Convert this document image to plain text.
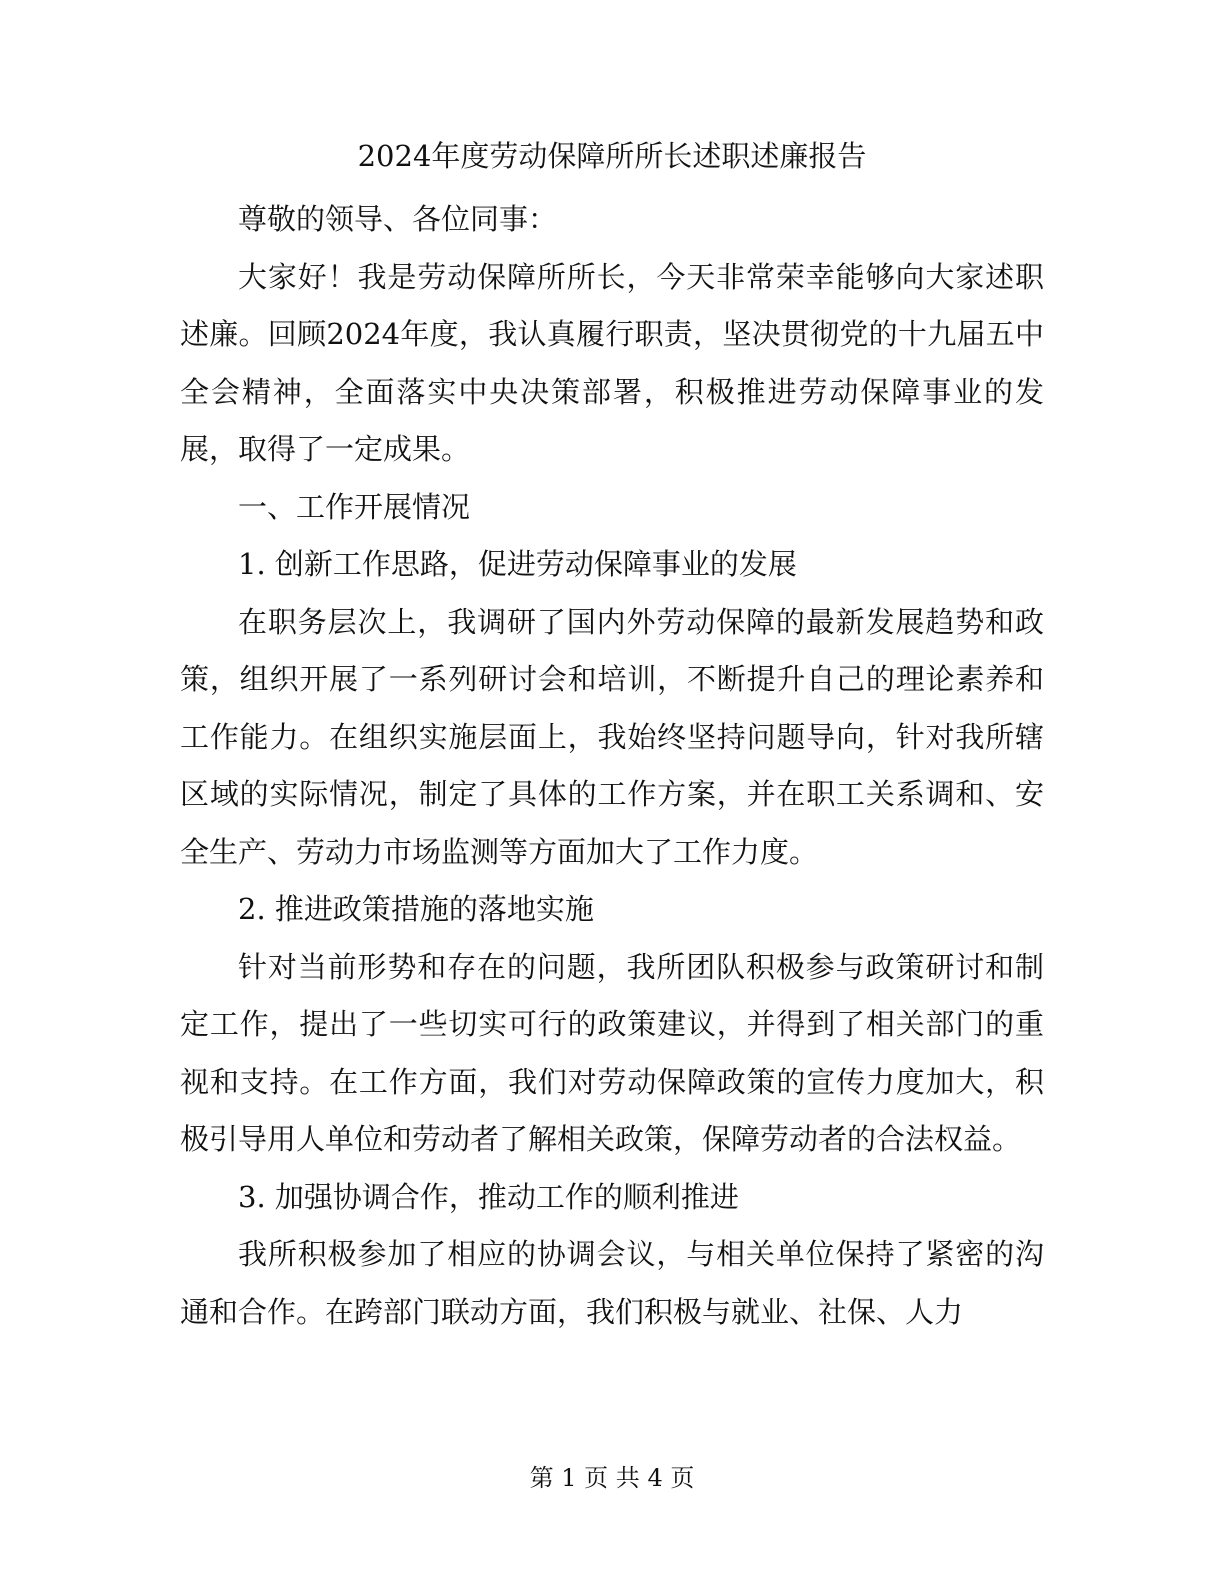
2024年度劳动保障所所长述职述廉报告

尊敬的领导、各位同事：

大家好！我是劳动保障所所长，今天非常荣幸能够向大家述职述廉。回顾2024年度，我认真履行职责，坚决贯彻党的十九届五中全会精神，全面落实中央决策部署，积极推进劳动保障事业的发展，取得了一定成果。

一、工作开展情况

1. 创新工作思路，促进劳动保障事业的发展

在职务层次上，我调研了国内外劳动保障的最新发展趋势和政策，组织开展了一系列研讨会和培训，不断提升自己的理论素养和工作能力。在组织实施层面上，我始终坚持问题导向，针对我所辖区域的实际情况，制定了具体的工作方案，并在职工关系调和、安全生产、劳动力市场监测等方面加大了工作力度。

2. 推进政策措施的落地实施

针对当前形势和存在的问题，我所团队积极参与政策研讨和制定工作，提出了一些切实可行的政策建议，并得到了相关部门的重视和支持。在工作方面，我们对劳动保障政策的宣传力度加大，积极引导用人单位和劳动者了解相关政策，保障劳动者的合法权益。

3. 加强协调合作，推动工作的顺利推进

我所积极参加了相应的协调会议，与相关单位保持了紧密的沟通和合作。在跨部门联动方面，我们积极与就业、社保、人力

第 1 页 共 4 页
